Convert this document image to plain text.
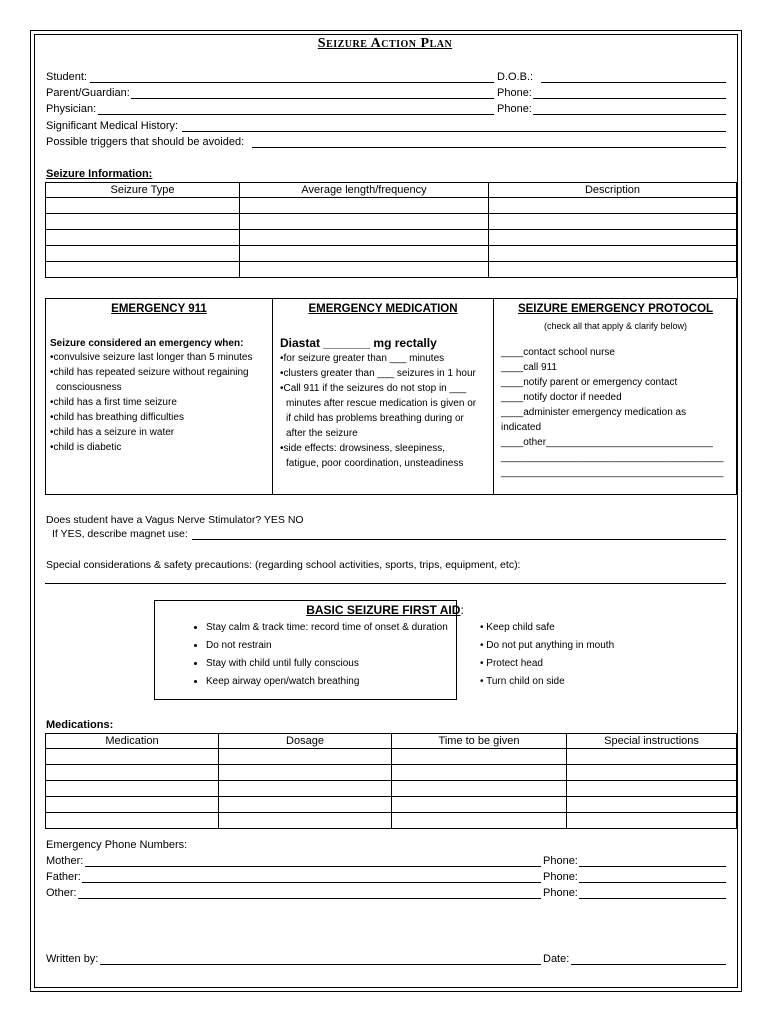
Seizure Action Plan
Student:	D.O.B.:
Parent/Guardian:	Phone:
Physician:	Phone:
Significant Medical History:
Possible triggers that should be avoided:
Seizure Information:
Seizure Type	Average length/frequency	Description

EMERGENCY 911
Seizure considered an emergency when:
•convulsive seizure last longer than 5 minutes
•child has repeated seizure without regaining
consciousness
•child has a first time seizure
•child has breathing difficulties
•child has a seizure in water
•child is diabetic
EMERGENCY MEDICATION
Diastat _______ mg rectally
•for seizure greater than ___ minutes
•clusters greater than ___ seizures in 1 hour
•Call 911 if the seizures do not stop in ___
minutes after rescue medication is given or
if child has problems breathing during or
after the seizure
•side effects: drowsiness, sleepiness,
fatigue, poor coordination, unsteadiness
SEIZURE EMERGENCY PROTOCOL
(check all that apply & clarify below)
____contact school nurse
____call 911
____notify parent or emergency contact
____notify doctor if needed
____administer emergency medication as
indicated
____other______________________________
________________________________________
________________________________________
Does student have a Vagus Nerve Stimulator? YES NO
If YES, describe magnet use:
Special considerations & safety precautions: (regarding school activities, sports, trips, equipment, etc):
BASIC SEIZURE FIRST AID:
• Stay calm & track time: record time of onset & duration
• Do not restrain
• Stay with child until fully conscious
• Keep airway open/watch breathing
• Keep child safe
• Do not put anything in mouth
• Protect head
• Turn child on side
Medications:
Medication	Dosage	Time to be given	Special instructions

Emergency Phone Numbers:
Mother:	Phone:
Father:	Phone:
Other:	Phone:
Written by:	Date:
